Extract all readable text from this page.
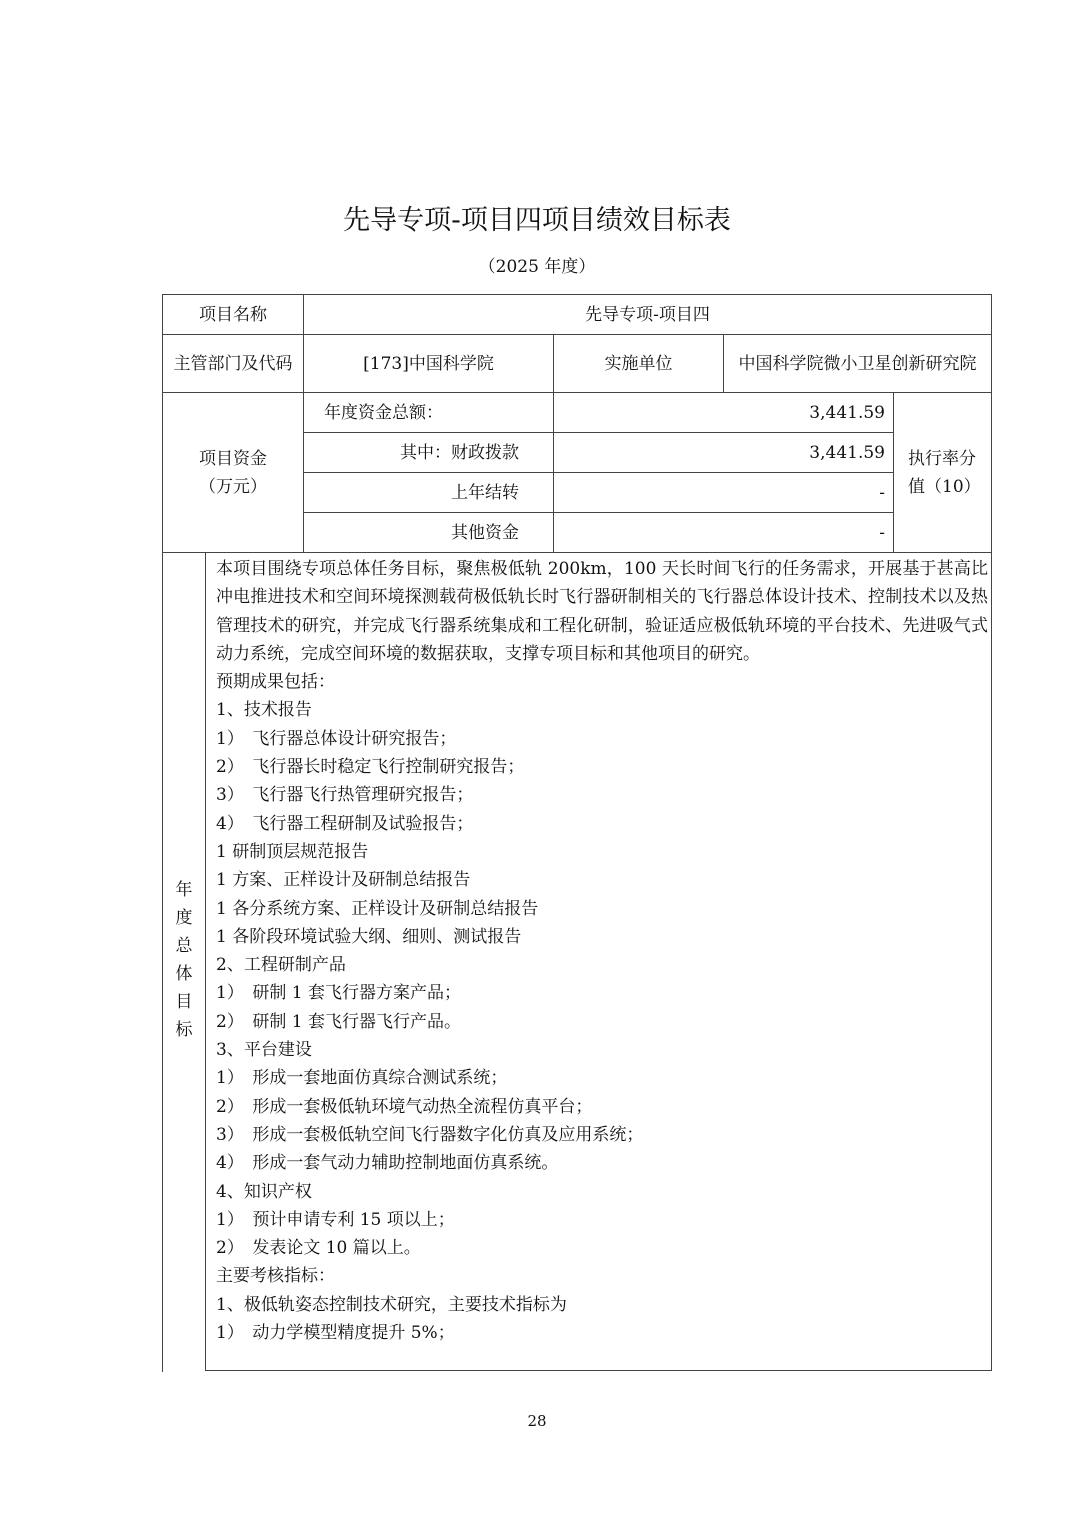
先导专项-项目四项目绩效目标表
（2025 年度）
项目名称	先导专项-项目四
主管部门及代码	[173]中国科学院	实施单位	中国科学院微小卫星创新研究院
项目资金（万元）
年度资金总额：	3,441.59
其中：财政拨款	3,441.59
上年结转	-
其他资金	-
执行率分值（10）
年度总体目标
本项目围绕专项总体任务目标，聚焦极低轨 200km，100 天长时间飞行的任务需求，开展基于甚高比冲电推进技术和空间环境探测载荷极低轨长时飞行器研制相关的飞行器总体设计技术、控制技术以及热管理技术的研究，并完成飞行器系统集成和工程化研制，验证适应极低轨环境的平台技术、先进吸气式动力系统，完成空间环境的数据获取，支撑专项目标和其他项目的研究。
预期成果包括：
1、技术报告
1）　飞行器总体设计研究报告；
2）　飞行器长时稳定飞行控制研究报告；
3）　飞行器飞行热管理研究报告；
4）　飞行器工程研制及试验报告；
1 研制顶层规范报告
1 方案、正样设计及研制总结报告
1 各分系统方案、正样设计及研制总结报告
1 各阶段环境试验大纲、细则、测试报告
2、工程研制产品
1）　研制 1 套飞行器方案产品；
2）　研制 1 套飞行器飞行产品。
3、平台建设
1）　形成一套地面仿真综合测试系统；
2）　形成一套极低轨环境气动热全流程仿真平台；
3）　形成一套极低轨空间飞行器数字化仿真及应用系统；
4）　形成一套气动力辅助控制地面仿真系统。
4、知识产权
1）　预计申请专利 15 项以上；
2）　发表论文 10 篇以上。
主要考核指标：
1、极低轨姿态控制技术研究，主要技术指标为
1）　动力学模型精度提升 5%；
28
